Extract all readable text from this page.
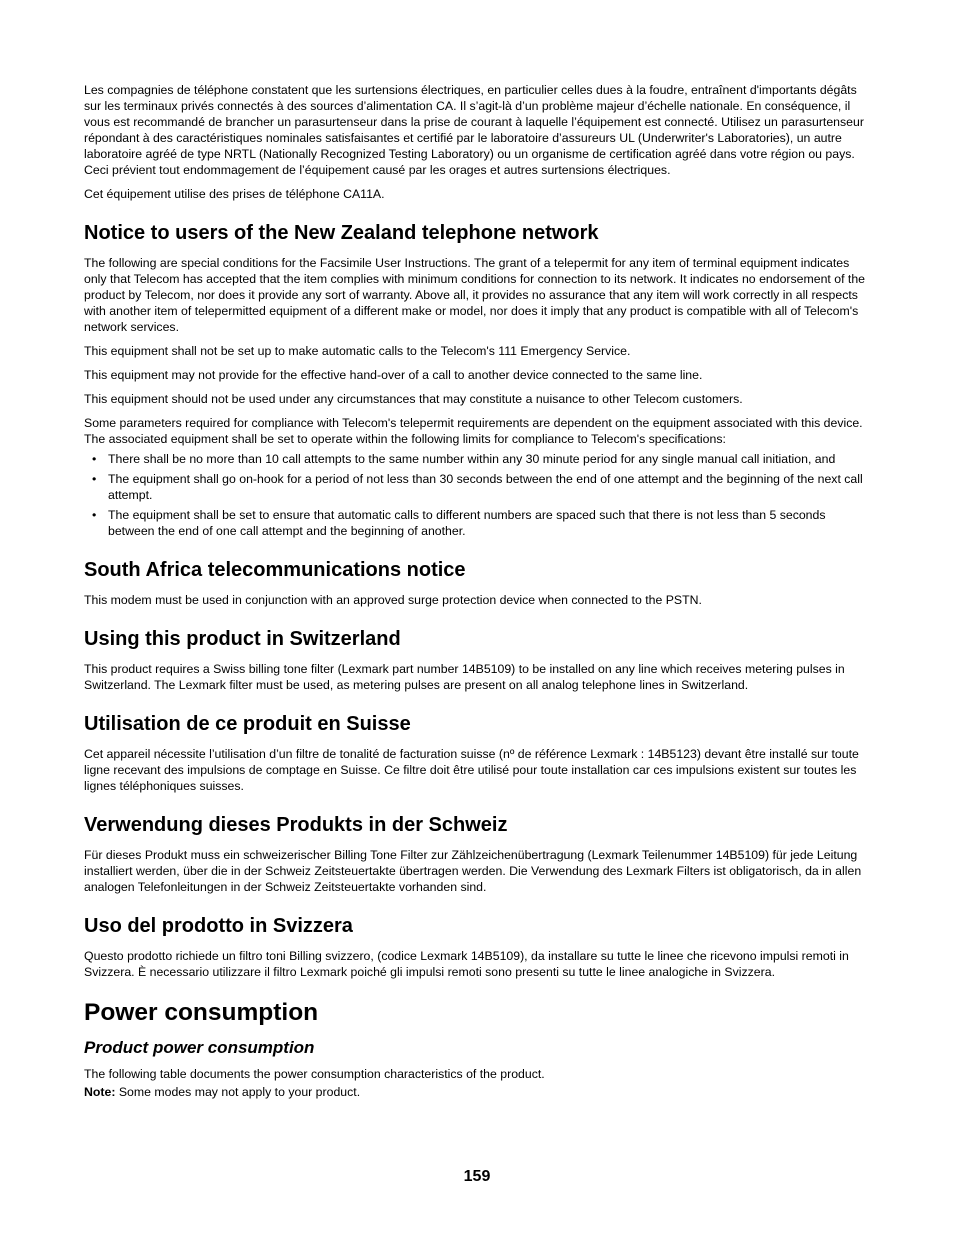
Les compagnies de téléphone constatent que les surtensions électriques, en particulier celles dues à la foudre, entraînent d'importants dégâts sur les terminaux privés connectés à des sources d’alimentation CA. Il s’agit-là d’un problème majeur d’échelle nationale. En conséquence, il vous est recommandé de brancher un parasurtenseur dans la prise de courant à laquelle l’équipement est connecté. Utilisez un parasurtenseur répondant à des caractéristiques nominales satisfaisantes et certifié par le laboratoire d’assureurs UL (Underwriter's Laboratories), un autre laboratoire agréé de type NRTL (Nationally Recognized Testing Laboratory) ou un organisme de certification agréé dans votre région ou pays. Ceci prévient tout endommagement de l’équipement causé par les orages et autres surtensions électriques.

Cet équipement utilise des prises de téléphone CA11A.

Notice to users of the New Zealand telephone network

The following are special conditions for the Facsimile User Instructions. The grant of a telepermit for any item of terminal equipment indicates only that Telecom has accepted that the item complies with minimum conditions for connection to its network. It indicates no endorsement of the product by Telecom, nor does it provide any sort of warranty. Above all, it provides no assurance that any item will work correctly in all respects with another item of telepermitted equipment of a different make or model, nor does it imply that any product is compatible with all of Telecom's network services.

This equipment shall not be set up to make automatic calls to the Telecom's 111 Emergency Service.

This equipment may not provide for the effective hand-over of a call to another device connected to the same line.

This equipment should not be used under any circumstances that may constitute a nuisance to other Telecom customers.

Some parameters required for compliance with Telecom's telepermit requirements are dependent on the equipment associated with this device. The associated equipment shall be set to operate within the following limits for compliance to Telecom's specifications:

• There shall be no more than 10 call attempts to the same number within any 30 minute period for any single manual call initiation, and
• The equipment shall go on-hook for a period of not less than 30 seconds between the end of one attempt and the beginning of the next call attempt.
• The equipment shall be set to ensure that automatic calls to different numbers are spaced such that there is not less than 5 seconds between the end of one call attempt and the beginning of another.
South Africa telecommunications notice

This modem must be used in conjunction with an approved surge protection device when connected to the PSTN.

Using this product in Switzerland

This product requires a Swiss billing tone filter (Lexmark part number 14B5109) to be installed on any line which receives metering pulses in Switzerland. The Lexmark filter must be used, as metering pulses are present on all analog telephone lines in Switzerland.

Utilisation de ce produit en Suisse

Cet appareil nécessite l’utilisation d’un filtre de tonalité de facturation suisse (nº de référence Lexmark : 14B5123) devant être installé sur toute ligne recevant des impulsions de comptage en Suisse. Ce filtre doit être utilisé pour toute installation car ces impulsions existent sur toutes les lignes téléphoniques suisses.

Verwendung dieses Produkts in der Schweiz

Für dieses Produkt muss ein schweizerischer Billing Tone Filter zur Zählzeichenübertragung (Lexmark Teilenummer 14B5109) für jede Leitung installiert werden, über die in der Schweiz Zeitsteuertakte übertragen werden. Die Verwendung des Lexmark Filters ist obligatorisch, da in allen analogen Telefonleitungen in der Schweiz Zeitsteuertakte vorhanden sind.

Uso del prodotto in Svizzera

Questo prodotto richiede un filtro toni Billing svizzero, (codice Lexmark 14B5109), da installare su tutte le linee che ricevono impulsi remoti in Svizzera. È necessario utilizzare il filtro Lexmark poiché gli impulsi remoti sono presenti su tutte le linee analogiche in Svizzera.

Power consumption
Product power consumption

The following table documents the power consumption characteristics of the product.

Note: Some modes may not apply to your product.

159
